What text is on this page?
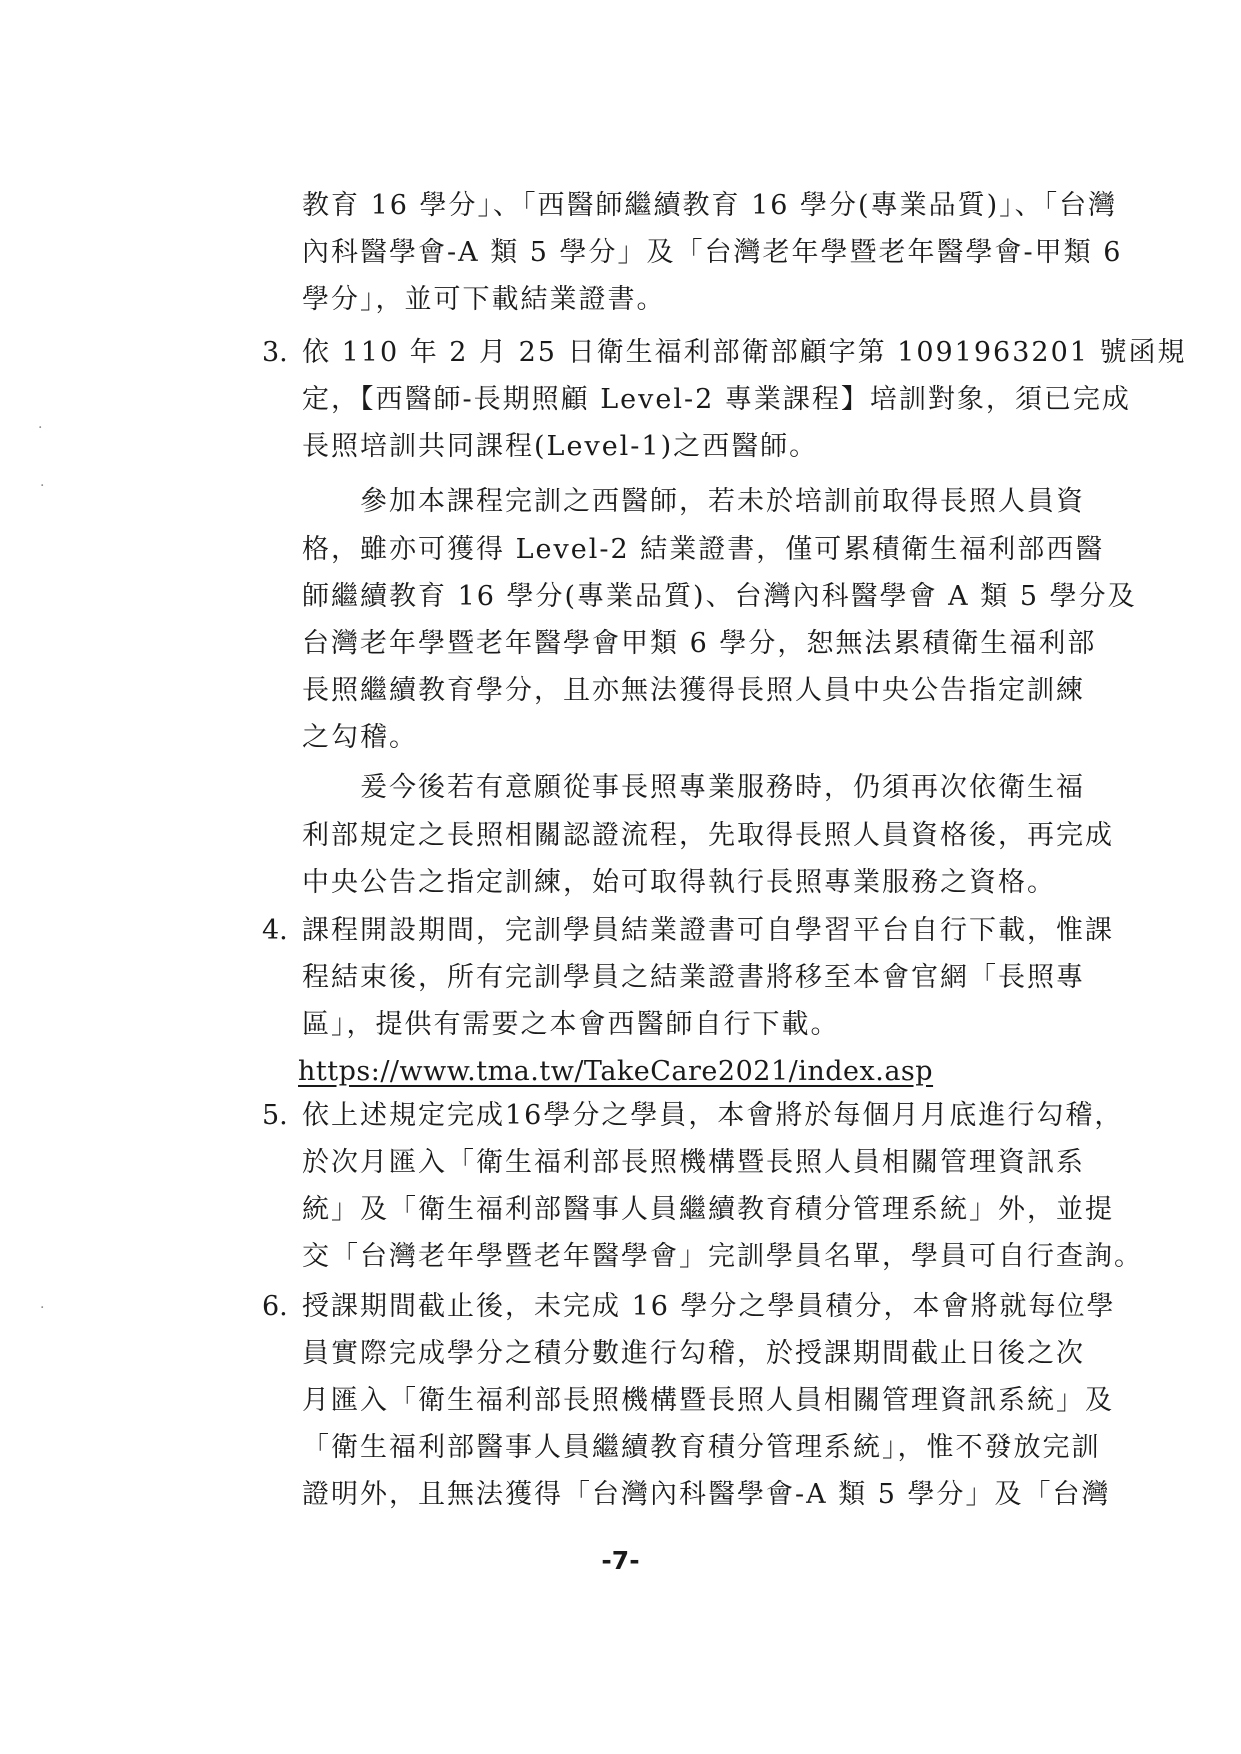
教育 16 學分」、「西醫師繼續教育 16 學分(專業品質)」、「台灣
內科醫學會-A 類 5 學分」及「台灣老年學暨老年醫學會-甲類 6
學分」，並可下載結業證書。
3. 依 110 年 2 月 25 日衛生福利部衛部顧字第 1091963201 號函規
定，【西醫師-長期照顧 Level-2 專業課程】培訓對象，須已完成
長照培訓共同課程(Level-1)之西醫師。
參加本課程完訓之西醫師，若未於培訓前取得長照人員資
格，雖亦可獲得 Level-2 結業證書，僅可累積衛生福利部西醫
師繼續教育 16 學分(專業品質)、台灣內科醫學會 A 類 5 學分及
台灣老年學暨老年醫學會甲類 6 學分，恕無法累積衛生福利部
長照繼續教育學分，且亦無法獲得長照人員中央公告指定訓練
之勾稽。
爰今後若有意願從事長照專業服務時，仍須再次依衛生福
利部規定之長照相關認證流程，先取得長照人員資格後，再完成
中央公告之指定訓練，始可取得執行長照專業服務之資格。
4. 課程開設期間，完訓學員結業證書可自學習平台自行下載，惟課
程結束後，所有完訓學員之結業證書將移至本會官網「長照專
區」，提供有需要之本會西醫師自行下載。
https://www.tma.tw/TakeCare2021/index.asp
5. 依上述規定完成16學分之學員，本會將於每個月月底進行勾稽，
於次月匯入「衛生福利部長照機構暨長照人員相關管理資訊系
統」及「衛生福利部醫事人員繼續教育積分管理系統」外，並提
交「台灣老年學暨老年醫學會」完訓學員名單，學員可自行查詢。
6. 授課期間截止後，未完成 16 學分之學員積分，本會將就每位學
員實際完成學分之積分數進行勾稽，於授課期間截止日後之次
月匯入「衛生福利部長照機構暨長照人員相關管理資訊系統」及
「衛生福利部醫事人員繼續教育積分管理系統」，惟不發放完訓
證明外，且無法獲得「台灣內科醫學會-A 類 5 學分」及「台灣
-7-
·
·
·
